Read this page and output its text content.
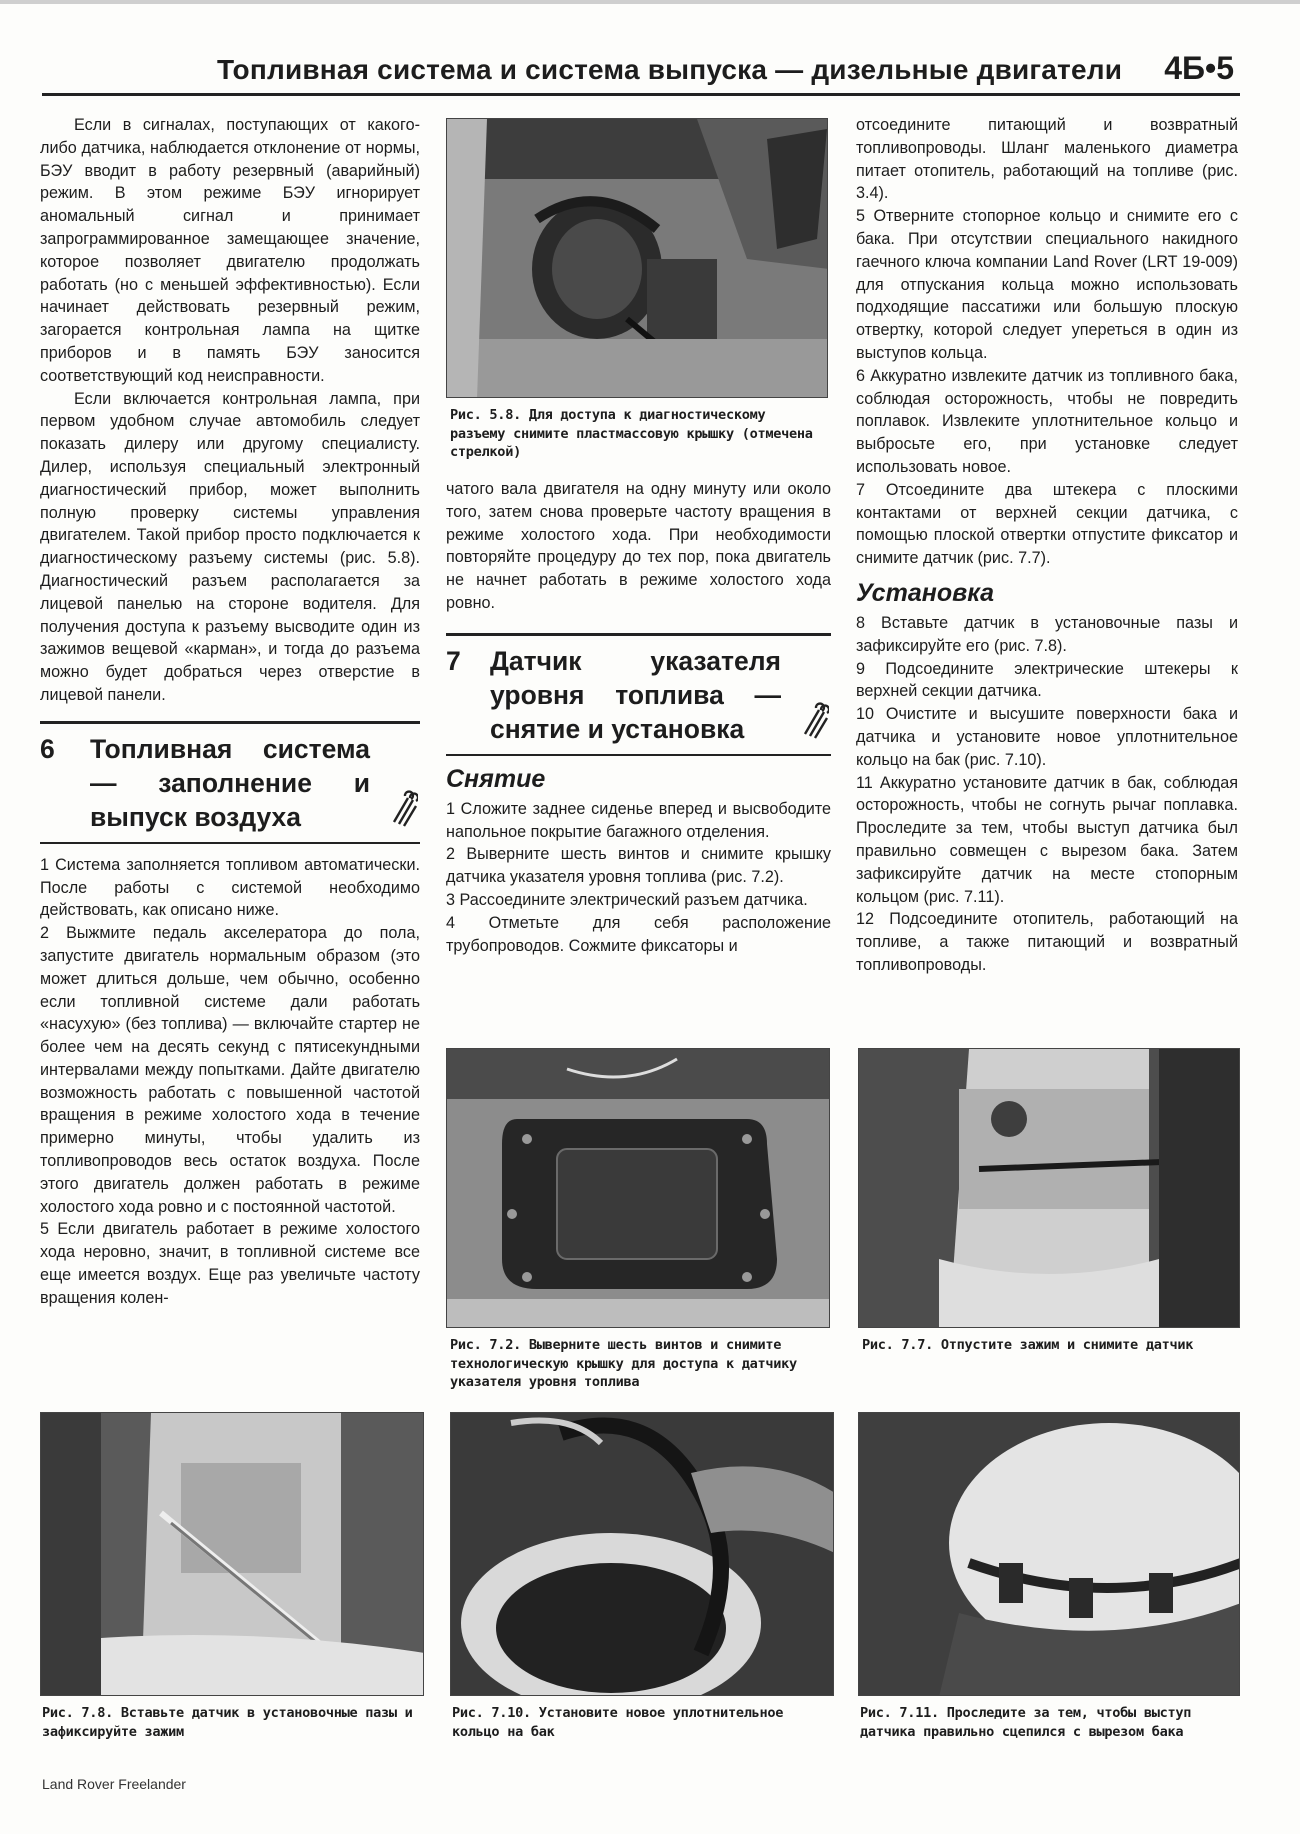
Топливная система и система выпуска — дизельные двигатели 4Б•5

Если в сигналах, поступающих от какого-либо датчика, наблюдается отклонение от нормы, БЭУ вводит в работу резервный (аварийный) режим. В этом режиме БЭУ игнорирует аномальный сигнал и принимает запрограммированное замещающее значение, которое позволяет двигателю продолжать работать (но с меньшей эффективностью). Если начинает действовать резервный режим, загорается контрольная лампа на щитке приборов и в память БЭУ заносится соответствующий код неисправности.

Если включается контрольная лампа, при первом удобном случае автомобиль следует показать дилеру или другому специалисту. Дилер, используя специальный электронный диагностический прибор, может выполнить полную проверку системы управления двигателем. Такой прибор просто подключается к диагностическому разъему системы (рис. 5.8). Диагностический разъем располагается за лицевой панелью на стороне водителя. Для получения доступа к разъему высводите один из зажимов вещевой «карман», и тогда до разъема можно будет добраться через отверстие в лицевой панели.

6 Топливная система — заполнение и выпуск воздуха

1 Система заполняется топливом автоматически. После работы с системой необходимо действовать, как описано ниже.

2 Выжмите педаль акселератора до пола, запустите двигатель нормальным образом (это может длиться дольше, чем обычно, особенно если топливной системе дали работать «насухую» (без топлива) — включайте стартер не более чем на десять секунд с пятисекундными интервалами между попытками. Дайте двигателю возможность работать с повышенной частотой вращения в режиме холостого хода в течение примерно минуты, чтобы удалить из топливопроводов весь остаток воздуха. После этого двигатель должен работать в режиме холостого хода ровно и с постоянной частотой.

5 Если двигатель работает в режиме холостого хода неровно, значит, в топливной системе все еще имеется воздух. Еще раз увеличьте частоту вращения колен-

Рис. 5.8. Для доступа к диагностическому разъему снимите пластмассовую крышку (отмечена стрелкой)

чатого вала двигателя на одну минуту или около того, затем снова проверьте частоту вращения в режиме холостого хода. При необходимости повторяйте процедуру до тех пор, пока двигатель не начнет работать в режиме холостого хода ровно.

7 Датчик указателя уровня топлива — снятие и установка
Снятие

1 Сложите заднее сиденье вперед и высвободите напольное покрытие багажного отделения.

2 Выверните шесть винтов и снимите крышку датчика указателя уровня топлива (рис. 7.2).

3 Рассоедините электрический разъем датчика.

4 Отметьте для себя расположение трубопроводов. Сожмите фиксаторы и

отсоедините питающий и возвратный топливопроводы. Шланг маленького диаметра питает отопитель, работающий на топливе (рис. 3.4).

5 Отверните стопорное кольцо и снимите его с бака. При отсутствии специального накидного гаечного ключа компании Land Rover (LRT 19-009) для отпускания кольца можно использовать подходящие пассатижи или большую плоскую отвертку, которой следует упереться в один из выступов кольца.

6 Аккуратно извлеките датчик из топливного бака, соблюдая осторожность, чтобы не повредить поплавок. Извлеките уплотнительное кольцо и выбросьте его, при установке следует использовать новое.

7 Отсоедините два штекера с плоскими контактами от верхней секции датчика, с помощью плоской отвертки отпустите фиксатор и снимите датчик (рис. 7.7).

Установка

8 Вставьте датчик в установочные пазы и зафиксируйте его (рис. 7.8).

9 Подсоедините электрические штекеры к верхней секции датчика.

10 Очистите и высушите поверхности бака и датчика и установите новое уплотнительное кольцо на бак (рис. 7.10).

11 Аккуратно установите датчик в бак, соблюдая осторожность, чтобы не согнуть рычаг поплавка. Проследите за тем, чтобы выступ датчика был правильно совмещен с вырезом бака. Затем зафиксируйте датчик на месте стопорным кольцом (рис. 7.11).

12 Подсоедините отопитель, работающий на топливе, а также питающий и возвратный топливопроводы.

Рис. 7.2. Выверните шесть винтов и снимите технологическую крышку для доступа к датчику указателя уровня топлива
Рис. 7.7. Отпустите зажим и снимите датчик
Рис. 7.8. Вставьте датчик в установочные пазы и зафиксируйте зажим
Рис. 7.10. Установите новое уплотнительное кольцо на бак
Рис. 7.11. Проследите за тем, чтобы выступ датчика правильно сцепился с вырезом бака
Land Rover Freelander
